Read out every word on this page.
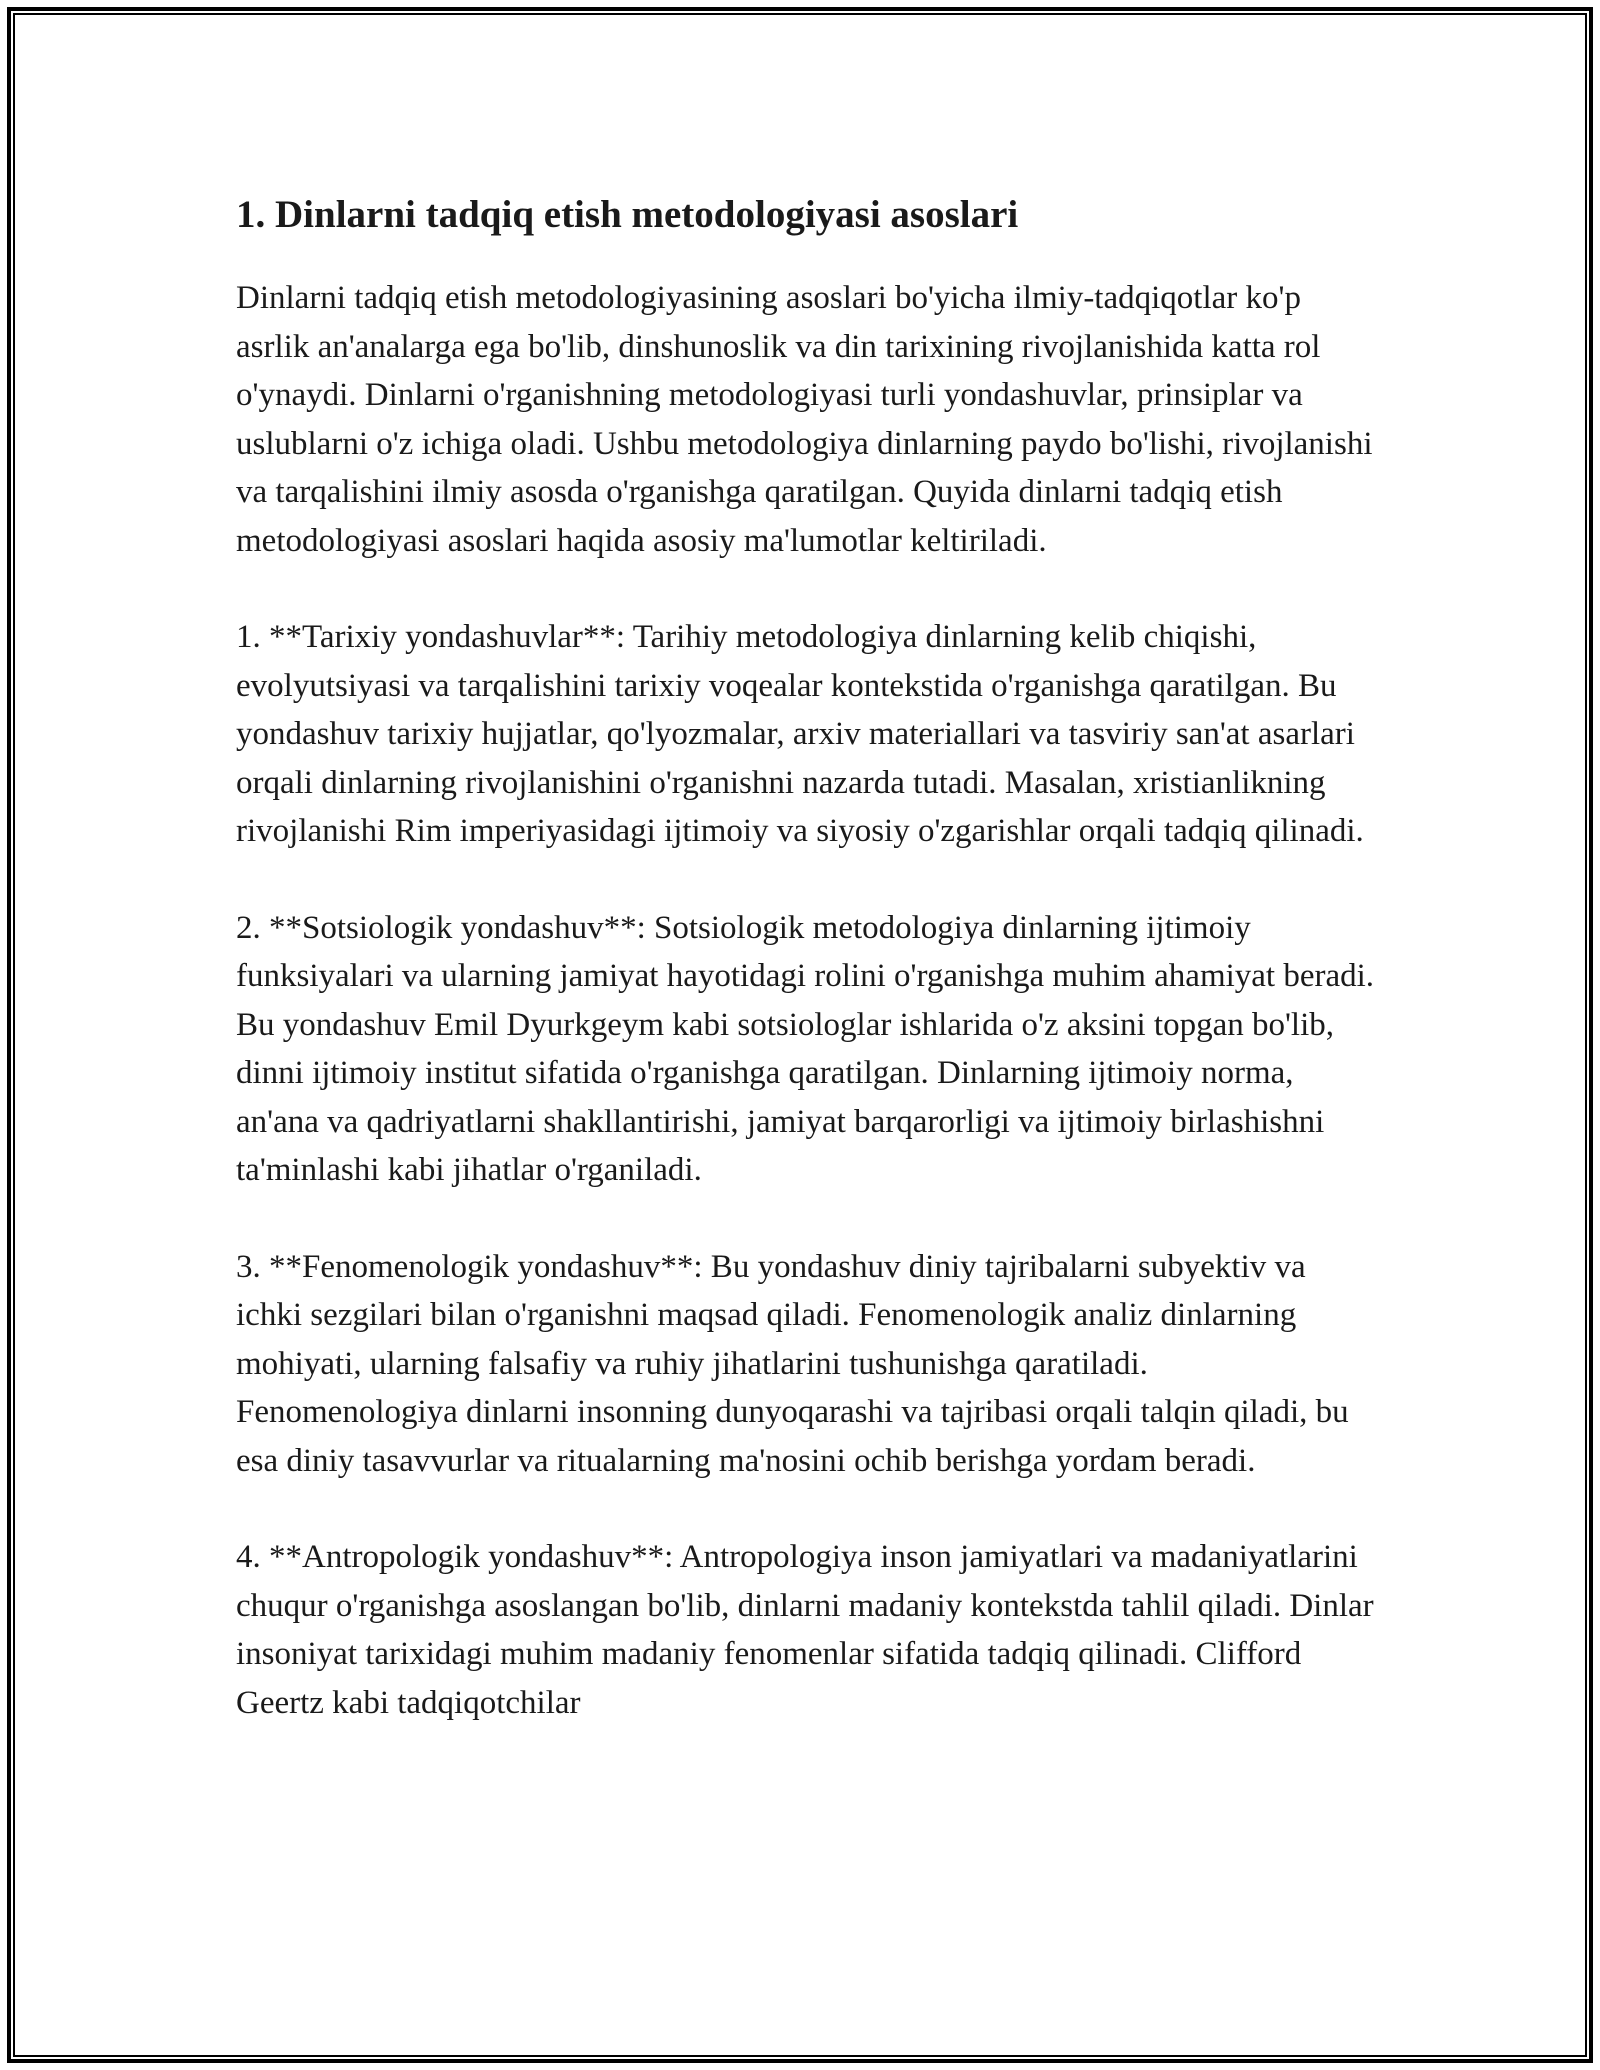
1. Dinlarni tadqiq etish metodologiyasi asoslari

Dinlarni tadqiq etish metodologiyasining asoslari bo'yicha ilmiy-tadqiqotlar ko'p asrlik an'analarga ega bo'lib, dinshunoslik va din tarixining rivojlanishida katta rol o'ynaydi. Dinlarni o'rganishning metodologiyasi turli yondashuvlar, prinsiplar va uslublarni o'z ichiga oladi. Ushbu metodologiya dinlarning paydo bo'lishi, rivojlanishi va tarqalishini ilmiy asosda o'rganishga qaratilgan. Quyida dinlarni tadqiq etish metodologiyasi asoslari haqida asosiy ma'lumotlar keltiriladi.

1. **Tarixiy yondashuvlar**: Tarihiy metodologiya dinlarning kelib chiqishi, evolyutsiyasi va tarqalishini tarixiy voqealar kontekstida o'rganishga qaratilgan. Bu yondashuv tarixiy hujjatlar, qo'lyozmalar, arxiv materiallari va tasviriy san'at asarlari orqali dinlarning rivojlanishini o'rganishni nazarda tutadi. Masalan, xristianlikning rivojlanishi Rim imperiyasidagi ijtimoiy va siyosiy o'zgarishlar orqali tadqiq qilinadi.

2. **Sotsiologik yondashuv**: Sotsiologik metodologiya dinlarning ijtimoiy funksiyalari va ularning jamiyat hayotidagi rolini o'rganishga muhim ahamiyat beradi. Bu yondashuv Emil Dyurkgeym kabi sotsiologlar ishlarida o'z aksini topgan bo'lib, dinni ijtimoiy institut sifatida o'rganishga qaratilgan. Dinlarning ijtimoiy norma, an'ana va qadriyatlarni shakllantirishi, jamiyat barqarorligi va ijtimoiy birlashishni ta'minlashi kabi jihatlar o'rganiladi.

3. **Fenomenologik yondashuv**: Bu yondashuv diniy tajribalarni subyektiv va ichki sezgilari bilan o'rganishni maqsad qiladi. Fenomenologik analiz dinlarning mohiyati, ularning falsafiy va ruhiy jihatlarini tushunishga qaratiladi. Fenomenologiya dinlarni insonning dunyoqarashi va tajribasi orqali talqin qiladi, bu esa diniy tasavvurlar va ritualarning ma'nosini ochib berishga yordam beradi.

4. **Antropologik yondashuv**: Antropologiya inson jamiyatlari va madaniyatlarini chuqur o'rganishga asoslangan bo'lib, dinlarni madaniy kontekstda tahlil qiladi. Dinlar insoniyat tarixidagi muhim madaniy fenomenlar sifatida tadqiq qilinadi. Clifford Geertz kabi tadqiqotchilar
